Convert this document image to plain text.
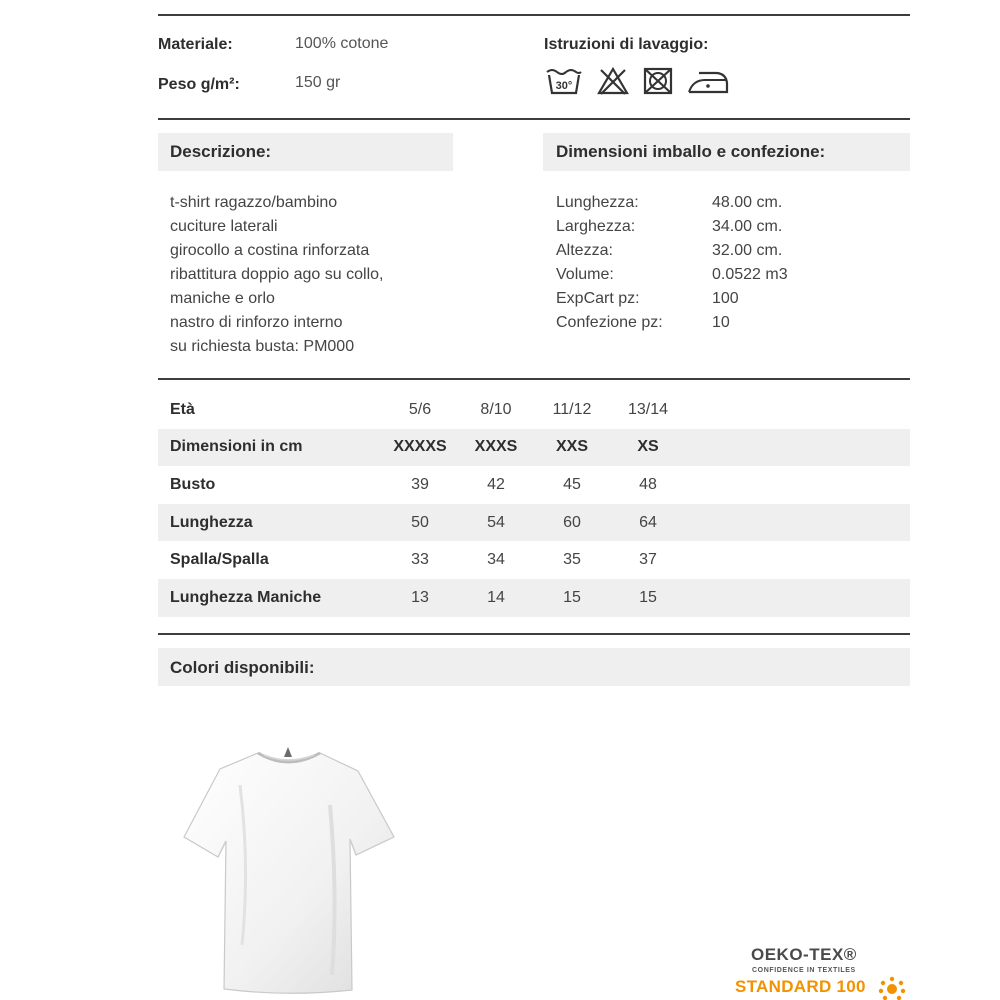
Materiale:	100% cotone
Peso g/m²:	150 gr
Istruzioni di lavaggio:
30°
Descrizione:	Dimensioni imballo e confezione:
t-shirt ragazzo/bambino
cuciture laterali
girocollo a costina rinforzata
ribattitura doppio ago su collo,
maniche e orlo
nastro di rinforzo interno
su richiesta busta: PM000
Lunghezza:	48.00 cm.
Larghezza:	34.00 cm.
Altezza:	32.00 cm.
Volume:	0.0522 m3
ExpCart pz:	100
Confezione pz:	10
Età	5/6	8/10	11/12	13/14
Dimensioni in cm	XXXXS	XXXS	XXS	XS
Busto	39	42	45	48
Lunghezza	50	54	60	64
Spalla/Spalla	33	34	35	37
Lunghezza Maniche	13	14	15	15
Colori disponibili:
OEKO-TEX®
CONFIDENCE IN TEXTILES
STANDARD 100
